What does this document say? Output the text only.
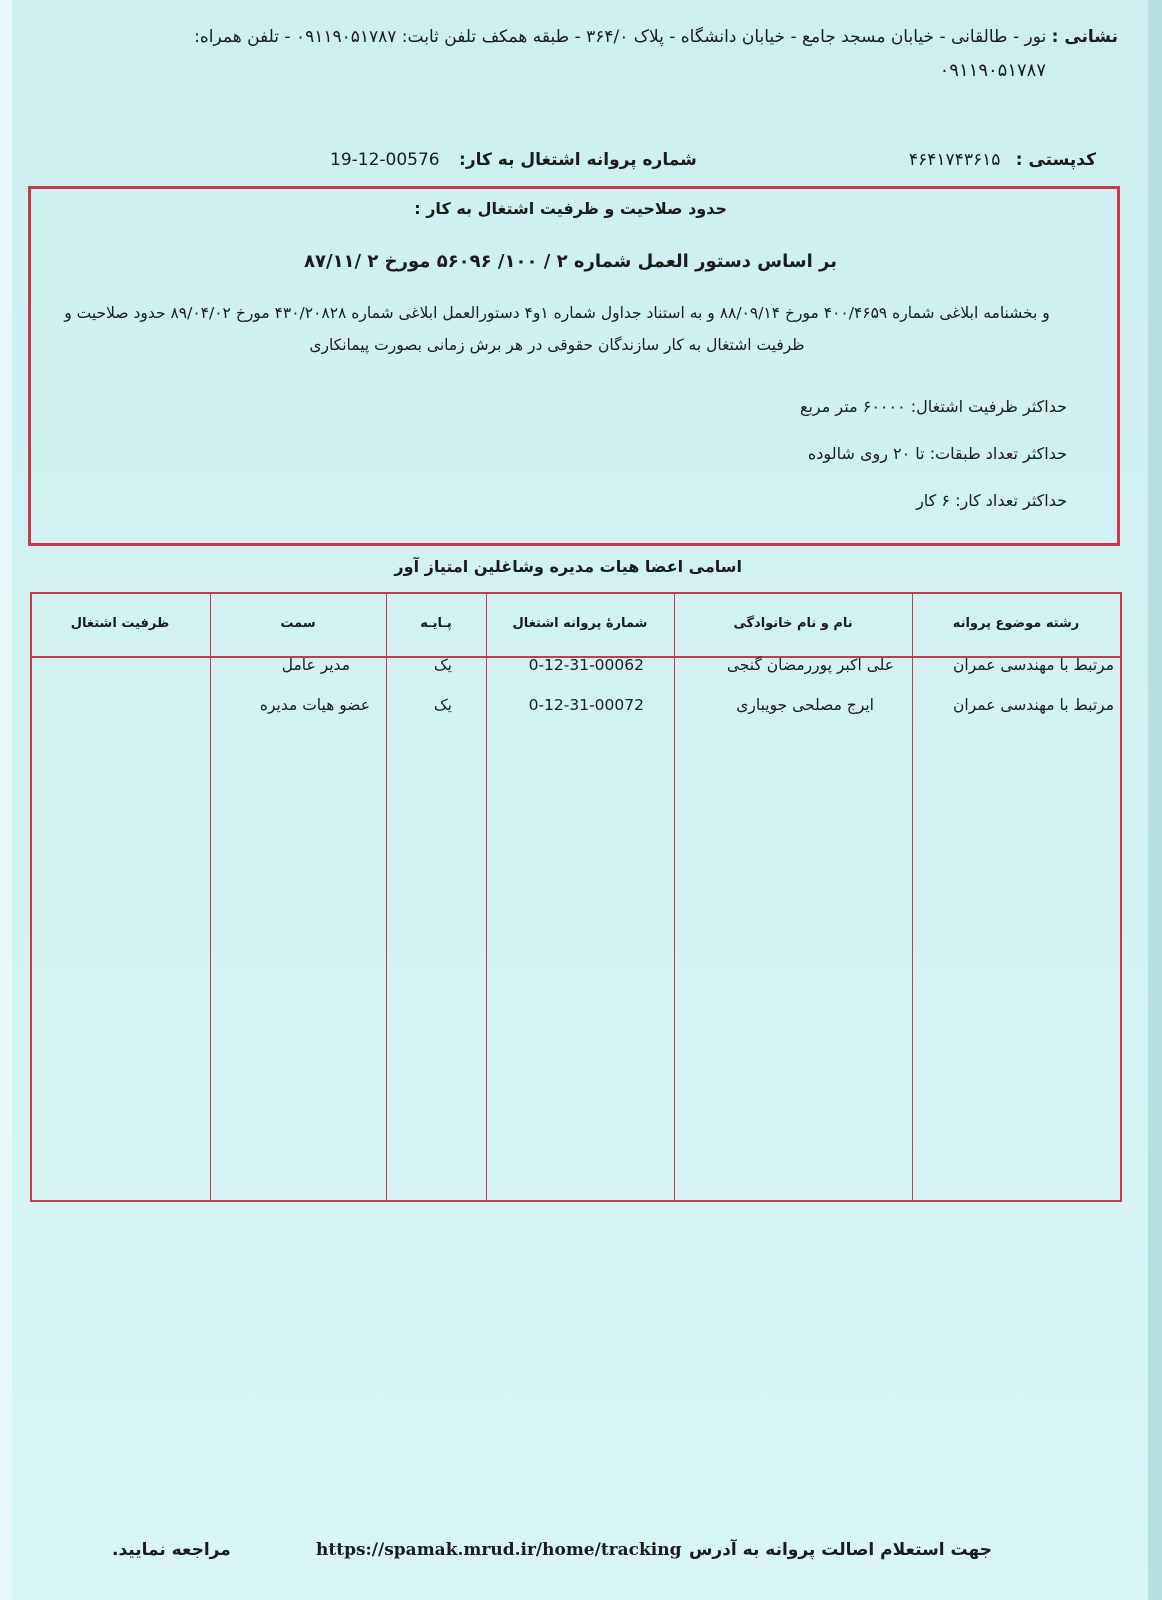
نشانی : نور - طالقانی - خیابان مسجد جامع - خیابان دانشگاه - پلاک ۳۶۴/۰ - طبقه همکف تلفن ثابت: ۰۹۱۱۹۰۵۱۷۸۷ - تلفن همراه:
۰۹۱۱۹۰۵۱۷۸۷
کدپستی : ۴۶۴۱۷۴۳۶۱۵
شماره پروانه اشتغال به کار: 19-12-00576
حدود صلاحیت و ظرفیت اشتغال به کار :
بر اساس دستور العمل شماره ۲ / ۱۰۰/ ۵۶۰۹۶ مورخ ۲ /۸۷/۱۱
و بخشنامه ابلاغی شماره ۴۰۰/۴۶۵۹ مورخ ۸۸/۰۹/۱۴ و به استناد جداول شماره ۱و۴ دستورالعمل ابلاغی شماره ۴۳۰/۲۰۸۲۸ مورخ ۸۹/۰۴/۰۲ حدود صلاحیت و ظرفیت اشتغال به کار سازندگان حقوقی در هر برش زمانی بصورت پیمانکاری
حداکثر ظرفیت اشتغال: ۶۰۰۰۰ متر مربع
حداکثر تعداد طبقات: تا ۲۰ روی شالوده
حداکثر تعداد کار: ۶ کار
اسامی اعضا هیات مدیره وشاغلین امتیاز آور
رشته موضوع پروانه
نام و نام خانوادگی
شمارهٔ پروانه اشتغال
پـایـه
سمت
ظرفیت اشتغال
مرتبط با مهندسی عمران
علی اکبر پوررمضان گنجی
0-12-31-00062
یک
مدیر عامل
مرتبط با مهندسی عمران
ایرج مصلحی جویباری
0-12-31-00072
یک
عضو هیات مدیره
جهت استعلام اصالت پروانه به آدرس
https://spamak.mrud.ir/home/tracking
مراجعه نمایید.
